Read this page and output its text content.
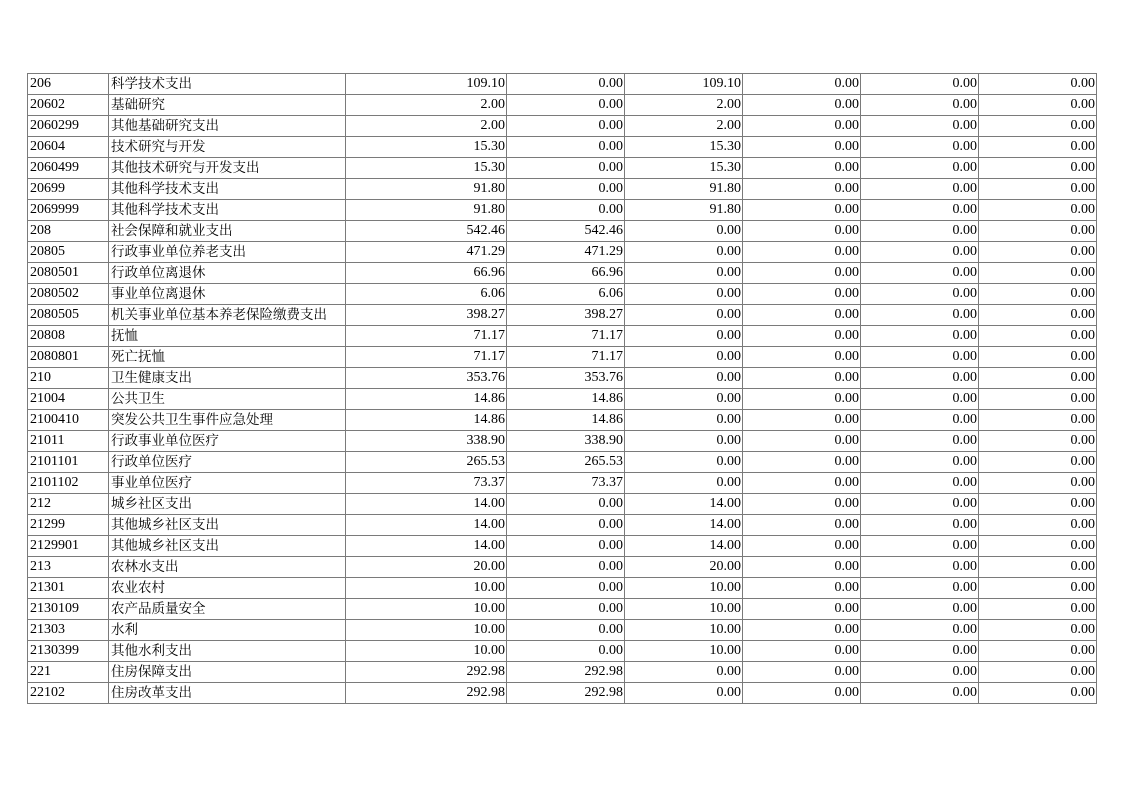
206	科学技术支出	109.10	0.00	109.10	0.00	0.00	0.00
20602	基础研究	2.00	0.00	2.00	0.00	0.00	0.00
2060299	其他基础研究支出	2.00	0.00	2.00	0.00	0.00	0.00
20604	技术研究与开发	15.30	0.00	15.30	0.00	0.00	0.00
2060499	其他技术研究与开发支出	15.30	0.00	15.30	0.00	0.00	0.00
20699	其他科学技术支出	91.80	0.00	91.80	0.00	0.00	0.00
2069999	其他科学技术支出	91.80	0.00	91.80	0.00	0.00	0.00
208	社会保障和就业支出	542.46	542.46	0.00	0.00	0.00	0.00
20805	行政事业单位养老支出	471.29	471.29	0.00	0.00	0.00	0.00
2080501	行政单位离退休	66.96	66.96	0.00	0.00	0.00	0.00
2080502	事业单位离退休	6.06	6.06	0.00	0.00	0.00	0.00
2080505	机关事业单位基本养老保险缴费支出	398.27	398.27	0.00	0.00	0.00	0.00
20808	抚恤	71.17	71.17	0.00	0.00	0.00	0.00
2080801	死亡抚恤	71.17	71.17	0.00	0.00	0.00	0.00
210	卫生健康支出	353.76	353.76	0.00	0.00	0.00	0.00
21004	公共卫生	14.86	14.86	0.00	0.00	0.00	0.00
2100410	突发公共卫生事件应急处理	14.86	14.86	0.00	0.00	0.00	0.00
21011	行政事业单位医疗	338.90	338.90	0.00	0.00	0.00	0.00
2101101	行政单位医疗	265.53	265.53	0.00	0.00	0.00	0.00
2101102	事业单位医疗	73.37	73.37	0.00	0.00	0.00	0.00
212	城乡社区支出	14.00	0.00	14.00	0.00	0.00	0.00
21299	其他城乡社区支出	14.00	0.00	14.00	0.00	0.00	0.00
2129901	其他城乡社区支出	14.00	0.00	14.00	0.00	0.00	0.00
213	农林水支出	20.00	0.00	20.00	0.00	0.00	0.00
21301	农业农村	10.00	0.00	10.00	0.00	0.00	0.00
2130109	农产品质量安全	10.00	0.00	10.00	0.00	0.00	0.00
21303	水利	10.00	0.00	10.00	0.00	0.00	0.00
2130399	其他水利支出	10.00	0.00	10.00	0.00	0.00	0.00
221	住房保障支出	292.98	292.98	0.00	0.00	0.00	0.00
22102	住房改革支出	292.98	292.98	0.00	0.00	0.00	0.00
